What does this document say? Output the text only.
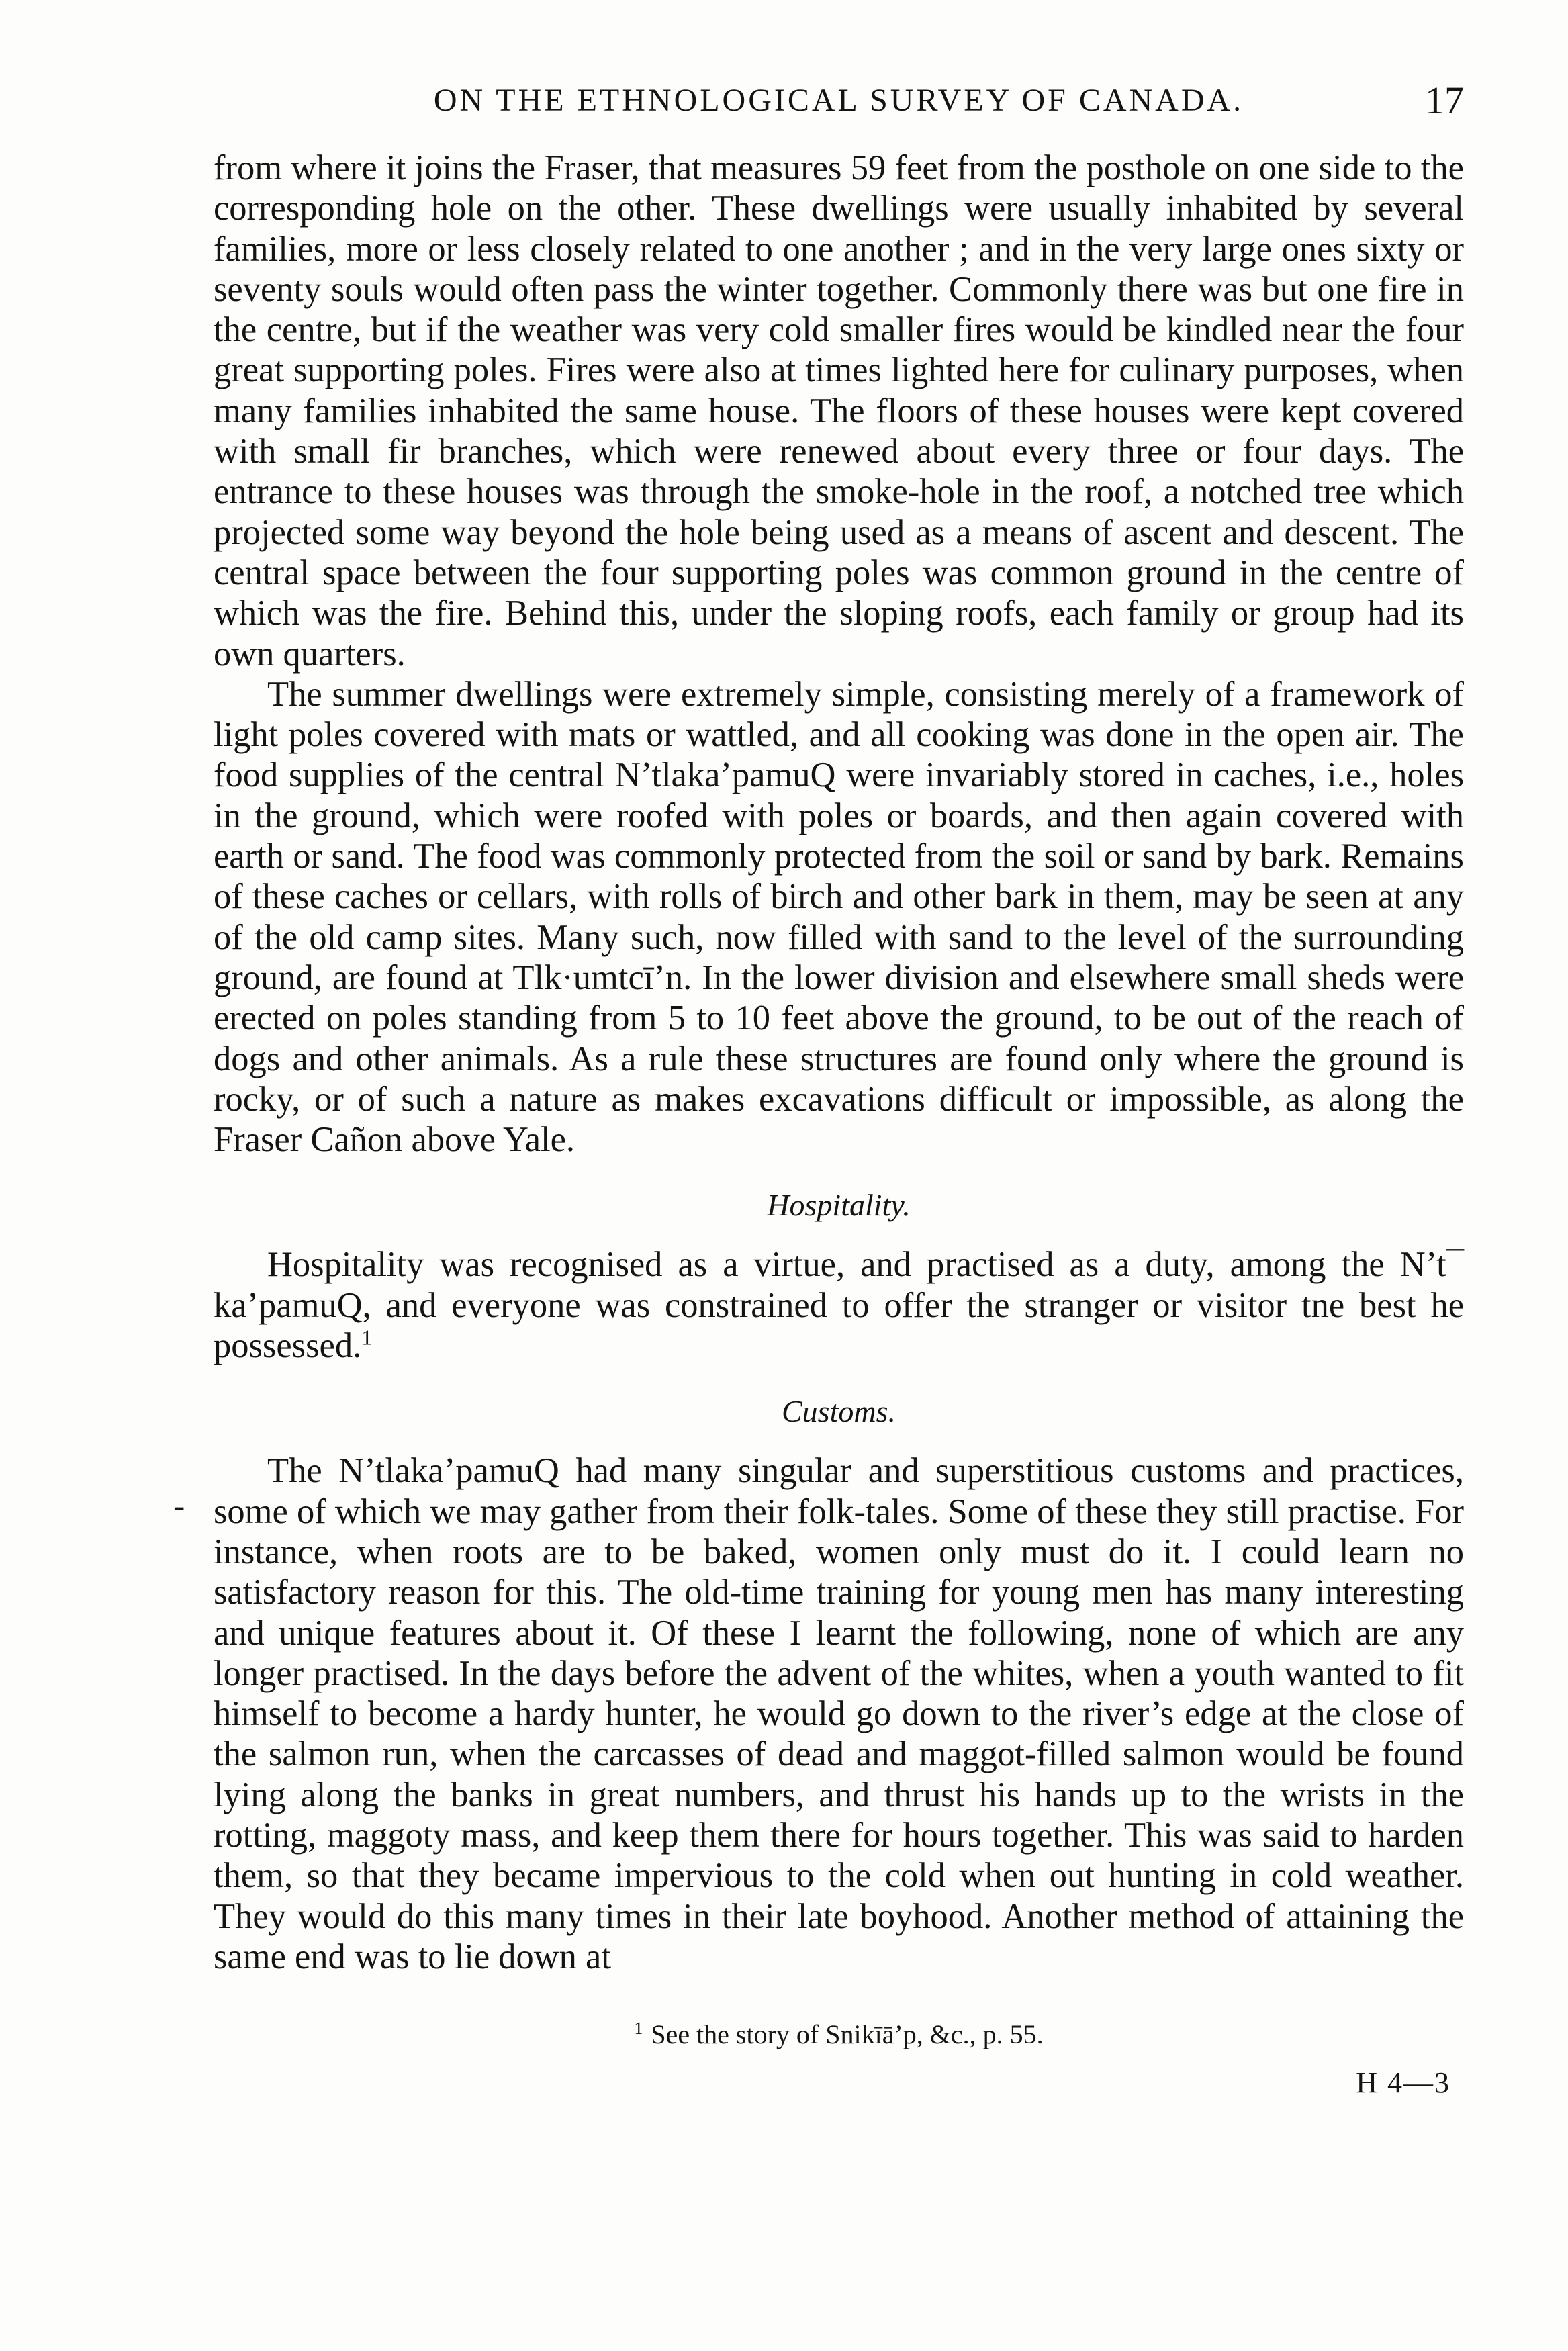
ON THE ETHNOLOGICAL SURVEY OF CANADA.	17

from where it joins the Fraser, that measures 59 feet from the posthole on one side to the corresponding hole on the other. These dwellings were usually inhabited by several families, more or less closely related to one another ; and in the very large ones sixty or seventy souls would often pass the winter together. Commonly there was but one fire in the centre, but if the weather was very cold smaller fires would be kindled near the four great supporting poles. Fires were also at times lighted here for culinary purposes, when many families inhabited the same house. The floors of these houses were kept covered with small fir branches, which were renewed about every three or four days. The entrance to these houses was through the smoke-hole in the roof, a notched tree which projected some way beyond the hole being used as a means of ascent and descent. The central space between the four supporting poles was common ground in the centre of which was the fire. Behind this, under the sloping roofs, each family or group had its own quarters.

The summer dwellings were extremely simple, consisting merely of a framework of light poles covered with mats or wattled, and all cooking was done in the open air. The food supplies of the central N’tlaka’pamuQ were invariably stored in caches, i.e., holes in the ground, which were roofed with poles or boards, and then again covered with earth or sand. The food was commonly protected from the soil or sand by bark. Remains of these caches or cellars, with rolls of birch and other bark in them, may be seen at any of the old camp sites. Many such, now filled with sand to the level of the surrounding ground, are found at Tlk·umtcī’n. In the lower division and elsewhere small sheds were erected on poles standing from 5 to 10 feet above the ground, to be out of the reach of dogs and other animals. As a rule these structures are found only where the ground is rocky, or of such a nature as makes excavations difficult or impossible, as along the Fraser Cañon above Yale.

Hospitality.

Hospitality was recognised as a virtue, and practised as a duty, among the N’t¯ ka’pamuQ, and everyone was constrained to offer the stranger or visitor tne best he possessed.$^1$

Customs.

The N’tlaka’pamuQ had many singular and superstitious customs and practices, some of which we may gather from their folk-tales. Some of these they still practise. For instance, when roots are to be baked, women only must do it. I could learn no satisfactory reason for this. The old-time training for young men has many interesting and unique features about it. Of these I learnt the following, none of which are any longer practised. In the days before the advent of the whites, when a youth wanted to fit himself to become a hardy hunter, he would go down to the river’s edge at the close of the salmon run, when the carcasses of dead and maggot-filled salmon would be found lying along the banks in great numbers, and thrust his hands up to the wrists in the rotting, maggoty mass, and keep them there for hours together. This was said to harden them, so that they became impervious to the cold when out hunting in cold weather. They would do this many times in their late boyhood. Another method of attaining the same end was to lie down at

$^1$ See the story of Snikīā’p, &c., p. 55.
H 4—3
-
